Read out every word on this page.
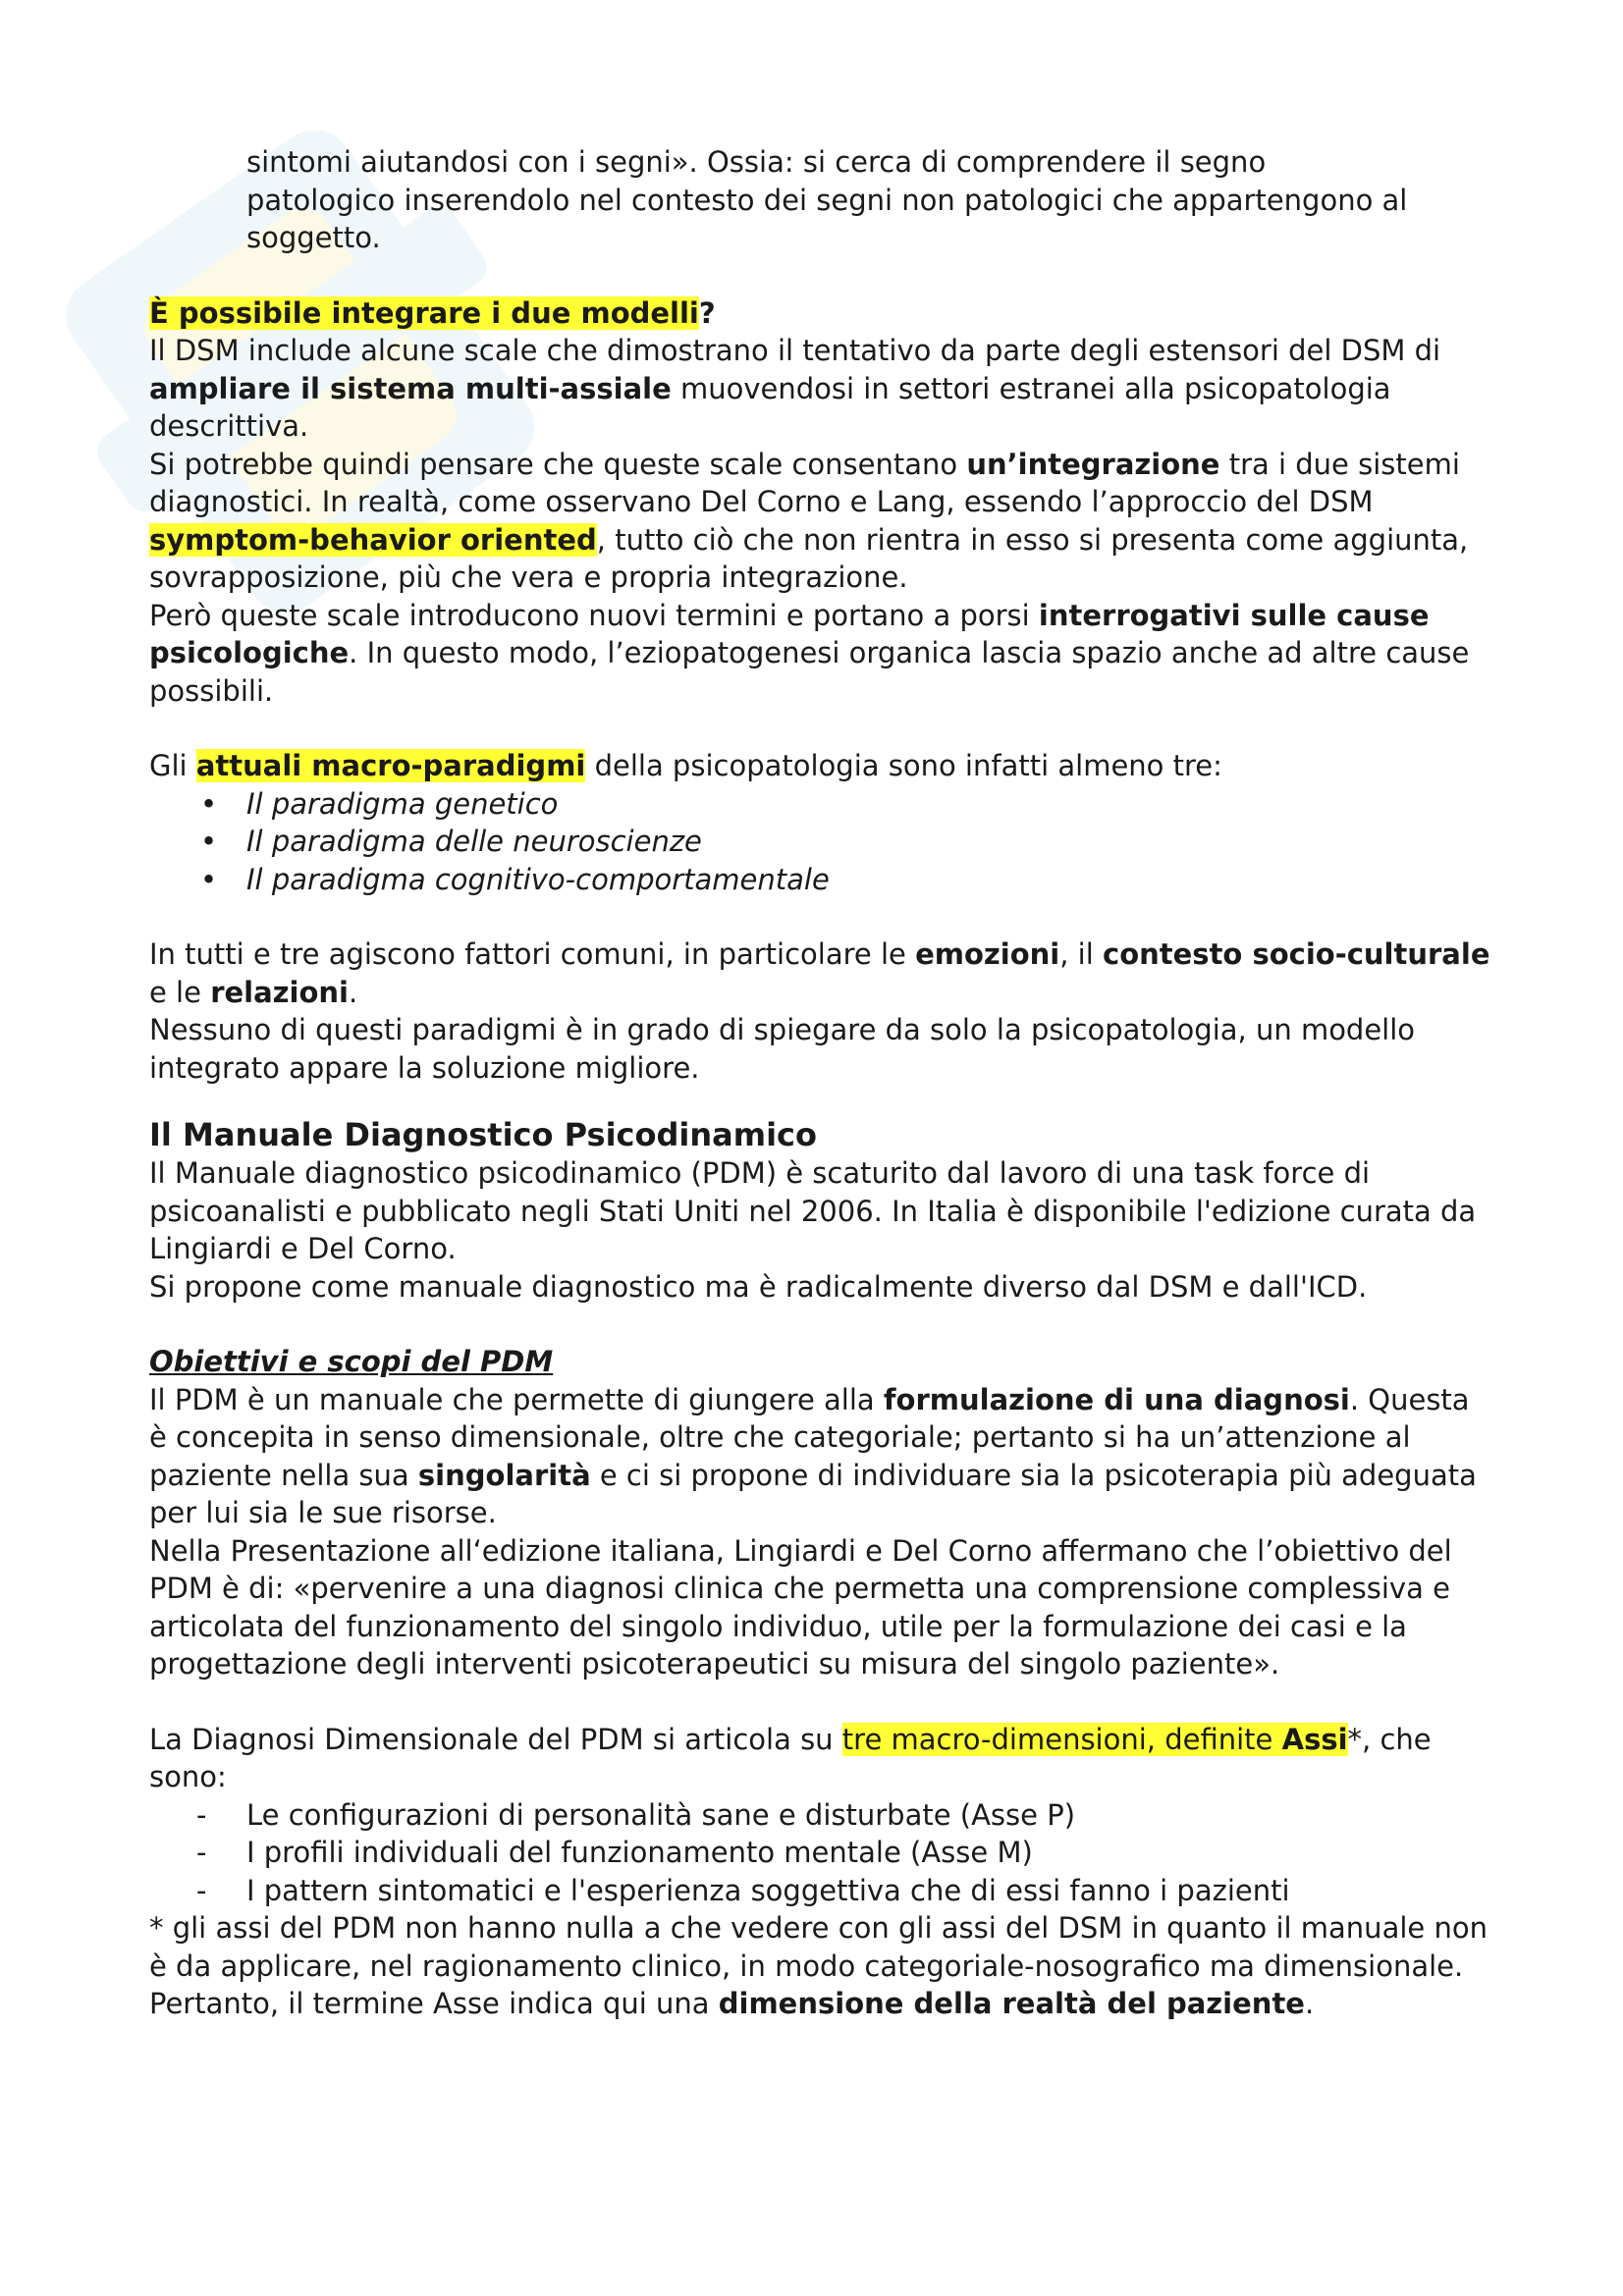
sintomi aiutandosi con i segni». Ossia: si cerca di comprendere il segno

patologico inserendolo nel contesto dei segni non patologici che appartengono al

soggetto.

È possibile integrare i due modelli?

Il DSM include alcune scale che dimostrano il tentativo da parte degli estensori del DSM di ampliare il sistema multi-assiale muovendosi in settori estranei alla psicopatologia descrittiva.

Si potrebbe quindi pensare che queste scale consentano un’integrazione tra i due sistemi diagnostici. In realtà, come osservano Del Corno e Lang, essendo l’approccio del DSM symptom-behavior oriented, tutto ciò che non rientra in esso si presenta come aggiunta, sovrapposizione, più che vera e propria integrazione.

Però queste scale introducono nuovi termini e portano a porsi interrogativi sulle cause psicologiche. In questo modo, l’eziopatogenesi organica lascia spazio anche ad altre cause possibili.

Gli attuali macro-paradigmi della psicopatologia sono infatti almeno tre:

• Il paradigma genetico
• Il paradigma delle neuroscienze
• Il paradigma cognitivo-comportamentale

In tutti e tre agiscono fattori comuni, in particolare le emozioni, il contesto socio-culturale e le relazioni.

Nessuno di questi paradigmi è in grado di spiegare da solo la psicopatologia, un modello integrato appare la soluzione migliore.

Il Manuale Diagnostico Psicodinamico

Il Manuale diagnostico psicodinamico (PDM) è scaturito dal lavoro di una task force di psicoanalisti e pubblicato negli Stati Uniti nel 2006. In Italia è disponibile l'edizione curata da Lingiardi e Del Corno.

Si propone come manuale diagnostico ma è radicalmente diverso dal DSM e dall'ICD.

Obiettivi e scopi del PDM

Il PDM è un manuale che permette di giungere alla formulazione di una diagnosi. Questa è concepita in senso dimensionale, oltre che categoriale; pertanto si ha un’attenzione al paziente nella sua singolarità e ci si propone di individuare sia la psicoterapia più adeguata per lui sia le sue risorse.

Nella Presentazione all‘edizione italiana, Lingiardi e Del Corno affermano che l’obiettivo del PDM è di: «pervenire a una diagnosi clinica che permetta una comprensione complessiva e articolata del funzionamento del singolo individuo, utile per la formulazione dei casi e la progettazione degli interventi psicoterapeutici su misura del singolo paziente».

La Diagnosi Dimensionale del PDM si articola su tre macro-dimensioni, definite Assi*, che sono:

- Le configurazioni di personalità sane e disturbate (Asse P)
- I profili individuali del funzionamento mentale (Asse M)
- I pattern sintomatici e l'esperienza soggettiva che di essi fanno i pazienti

* gli assi del PDM non hanno nulla a che vedere con gli assi del DSM in quanto il manuale non è da applicare, nel ragionamento clinico, in modo categoriale-nosografico ma dimensionale. Pertanto, il termine Asse indica qui una dimensione della realtà del paziente.
